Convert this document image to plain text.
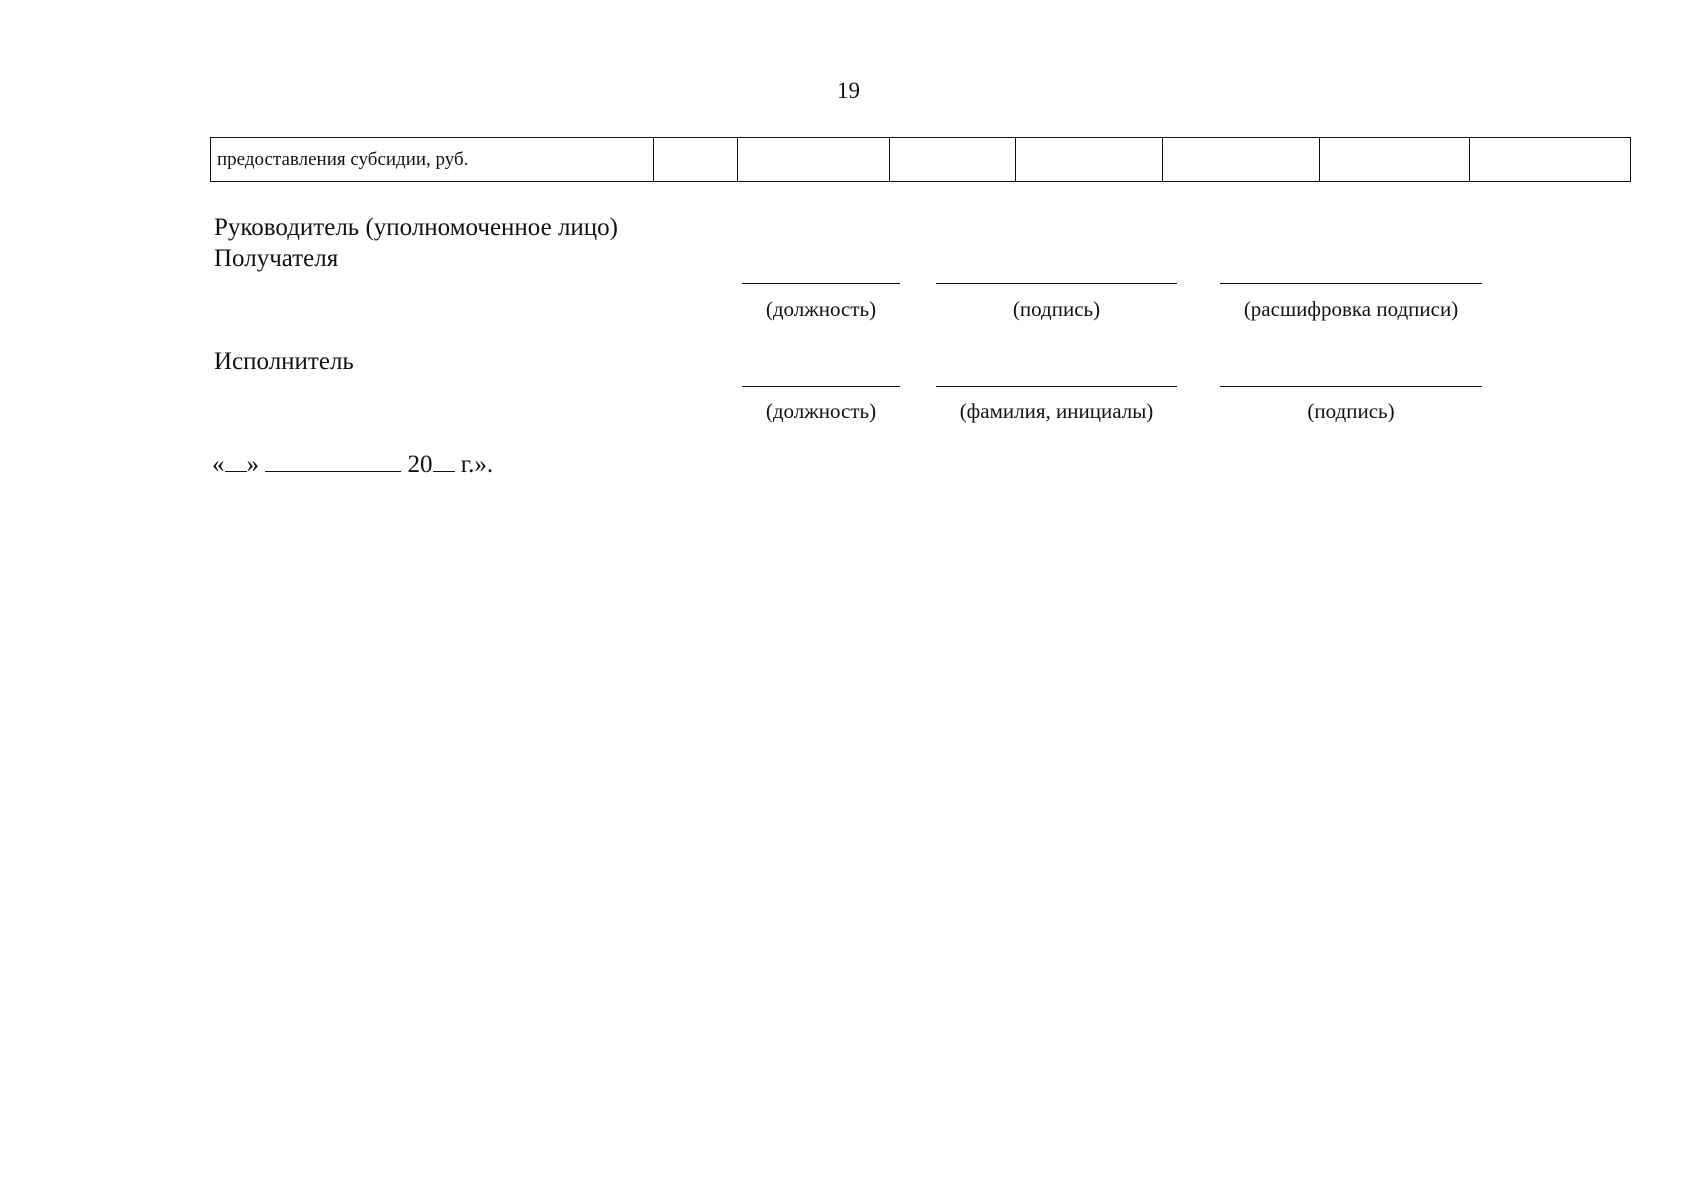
19
предоставления субсидии, руб.							
Руководитель (уполномоченное лицо)
Получателя
(должность)	(подпись)	(расшифровка подписи)
Исполнитель
(должность)	(фамилия, инициалы)	(подпись)
« »	20 г.».
